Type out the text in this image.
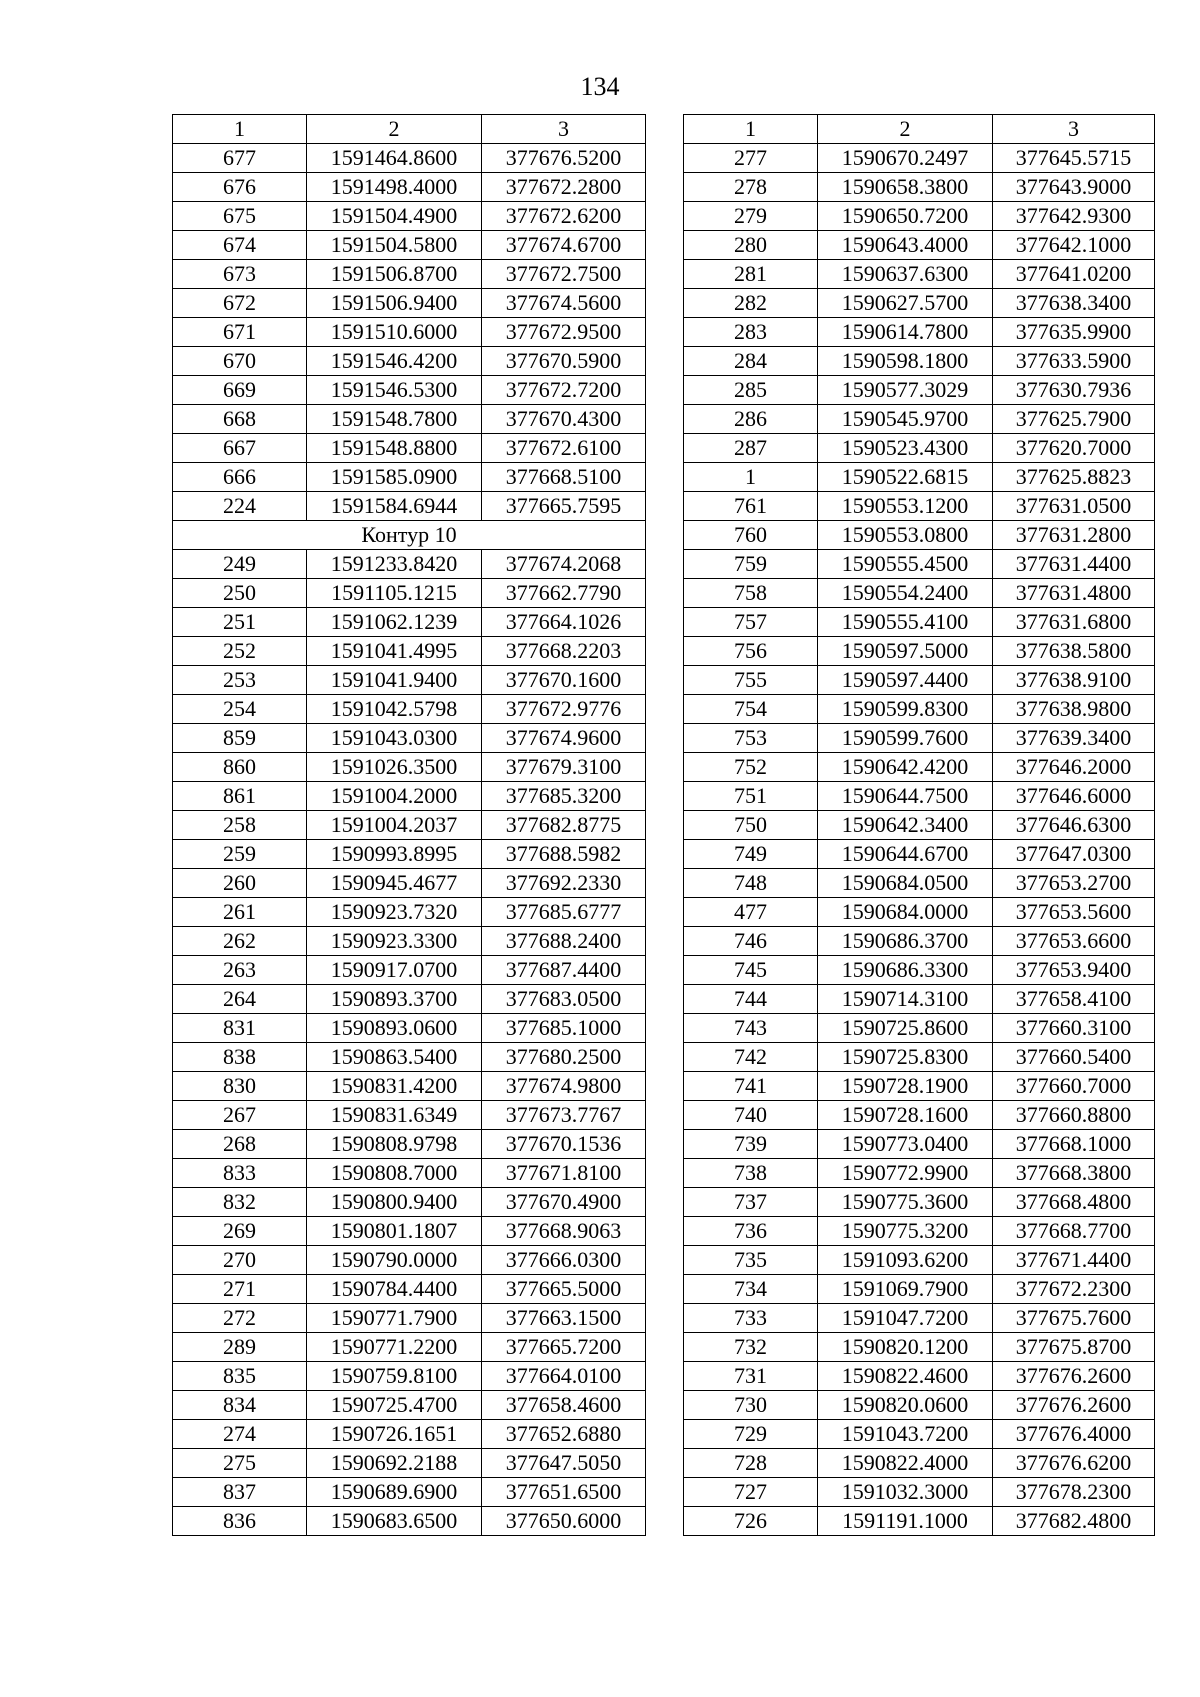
134
1	2	3
677	1591464.8600	377676.5200
676	1591498.4000	377672.2800
675	1591504.4900	377672.6200
674	1591504.5800	377674.6700
673	1591506.8700	377672.7500
672	1591506.9400	377674.5600
671	1591510.6000	377672.9500
670	1591546.4200	377670.5900
669	1591546.5300	377672.7200
668	1591548.7800	377670.4300
667	1591548.8800	377672.6100
666	1591585.0900	377668.5100
224	1591584.6944	377665.7595
Контур 10		
249	1591233.8420	377674.2068
250	1591105.1215	377662.7790
251	1591062.1239	377664.1026
252	1591041.4995	377668.2203
253	1591041.9400	377670.1600
254	1591042.5798	377672.9776
859	1591043.0300	377674.9600
860	1591026.3500	377679.3100
861	1591004.2000	377685.3200
258	1591004.2037	377682.8775
259	1590993.8995	377688.5982
260	1590945.4677	377692.2330
261	1590923.7320	377685.6777
262	1590923.3300	377688.2400
263	1590917.0700	377687.4400
264	1590893.3700	377683.0500
831	1590893.0600	377685.1000
838	1590863.5400	377680.2500
830	1590831.4200	377674.9800
267	1590831.6349	377673.7767
268	1590808.9798	377670.1536
833	1590808.7000	377671.8100
832	1590800.9400	377670.4900
269	1590801.1807	377668.9063
270	1590790.0000	377666.0300
271	1590784.4400	377665.5000
272	1590771.7900	377663.1500
289	1590771.2200	377665.7200
835	1590759.8100	377664.0100
834	1590725.4700	377658.4600
274	1590726.1651	377652.6880
275	1590692.2188	377647.5050
837	1590689.6900	377651.6500
836	1590683.6500	377650.6000
1	2	3
277	1590670.2497	377645.5715
278	1590658.3800	377643.9000
279	1590650.7200	377642.9300
280	1590643.4000	377642.1000
281	1590637.6300	377641.0200
282	1590627.5700	377638.3400
283	1590614.7800	377635.9900
284	1590598.1800	377633.5900
285	1590577.3029	377630.7936
286	1590545.9700	377625.7900
287	1590523.4300	377620.7000
1	1590522.6815	377625.8823
761	1590553.1200	377631.0500
760	1590553.0800	377631.2800
759	1590555.4500	377631.4400
758	1590554.2400	377631.4800
757	1590555.4100	377631.6800
756	1590597.5000	377638.5800
755	1590597.4400	377638.9100
754	1590599.8300	377638.9800
753	1590599.7600	377639.3400
752	1590642.4200	377646.2000
751	1590644.7500	377646.6000
750	1590642.3400	377646.6300
749	1590644.6700	377647.0300
748	1590684.0500	377653.2700
477	1590684.0000	377653.5600
746	1590686.3700	377653.6600
745	1590686.3300	377653.9400
744	1590714.3100	377658.4100
743	1590725.8600	377660.3100
742	1590725.8300	377660.5400
741	1590728.1900	377660.7000
740	1590728.1600	377660.8800
739	1590773.0400	377668.1000
738	1590772.9900	377668.3800
737	1590775.3600	377668.4800
736	1590775.3200	377668.7700
735	1591093.6200	377671.4400
734	1591069.7900	377672.2300
733	1591047.7200	377675.7600
732	1590820.1200	377675.8700
731	1590822.4600	377676.2600
730	1590820.0600	377676.2600
729	1591043.7200	377676.4000
728	1590822.4000	377676.6200
727	1591032.3000	377678.2300
726	1591191.1000	377682.4800
